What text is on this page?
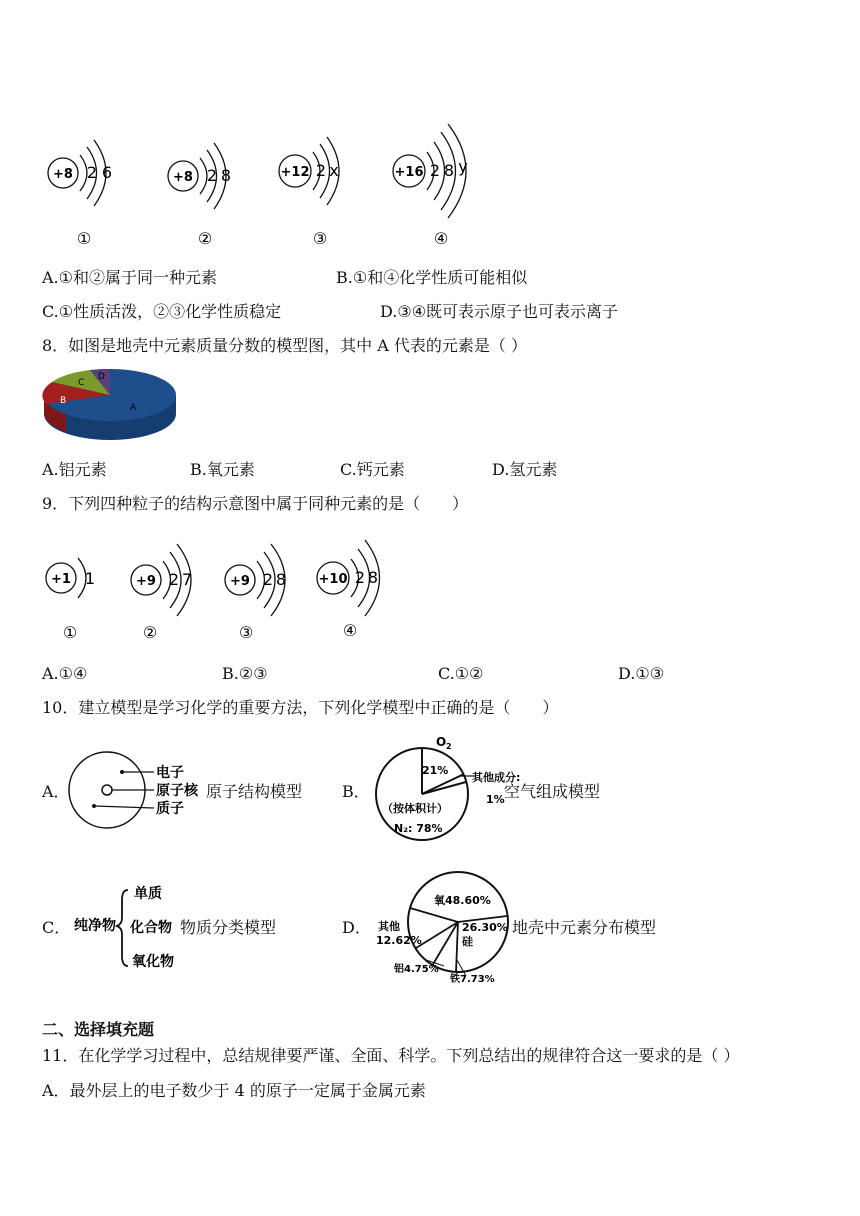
+8 2 6
①
+8 2 8
②
+12 2 x
③
+16 2 8 y
④
A.①和②属于同一种元素	B.①和④化学性质可能相似
C.①性质活泼，②③化学性质稳定	D.③④既可表示原子也可表示离子
8．如图是地壳中元素质量分数的模型图，其中 A 代表的元素是（ ）
A
B
C
D
A.铝元素	B.氧元素	C.钙元素	D.氢元素
9．下列四种粒子的结构示意图中属于同种元素的是（　　）
+1 1
①
+9 2 7
②
+9 2 8
③
+10 2 8
④
A.①④	B.②③	C.①②	D.①③
10．建立模型是学习化学的重要方法，下列化学模型中正确的是（　　）
A．
电子
原子核
质子
原子结构模型 B．
O 2
21%
其他成分:
1%
（按体积计）
N₂: 78%
空气组成模型
C． 纯净物
单质
化合物
氧化物
物质分类模型	D．
氧48.60%
26.30%
硅
其他
12.62%
铝4.75%
铁7.73%
地壳中元素分布模型
二、选择填充题
11．在化学学习过程中，总结规律要严谨、全面、科学。下列总结出的规律符合这一要求的是（ ）
A．最外层上的电子数少于 4 的原子一定属于金属元素
